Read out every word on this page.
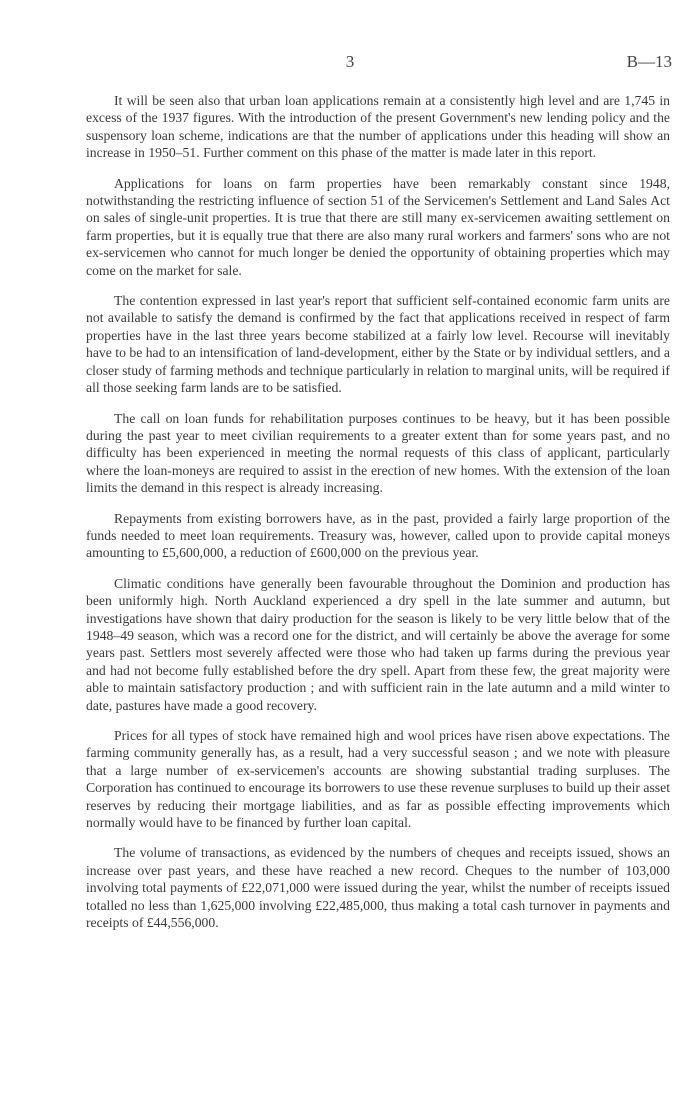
3	B—13

It will be seen also that urban loan applications remain at a consistently high level and are 1,745 in excess of the 1937 figures. With the introduction of the present Government's new lending policy and the suspensory loan scheme, indications are that the number of applications under this heading will show an increase in 1950–51. Further comment on this phase of the matter is made later in this report.

Applications for loans on farm properties have been remarkably constant since 1948, notwithstanding the restricting influence of section 51 of the Servicemen's Settlement and Land Sales Act on sales of single-unit properties. It is true that there are still many ex-servicemen awaiting settlement on farm properties, but it is equally true that there are also many rural workers and farmers' sons who are not ex-servicemen who cannot for much longer be denied the opportunity of obtaining properties which may come on the market for sale.

The contention expressed in last year's report that sufficient self-contained economic farm units are not available to satisfy the demand is confirmed by the fact that applications received in respect of farm properties have in the last three years become stabilized at a fairly low level. Recourse will inevitably have to be had to an intensification of land-development, either by the State or by individual settlers, and a closer study of farming methods and technique particularly in relation to marginal units, will be required if all those seeking farm lands are to be satisfied.

The call on loan funds for rehabilitation purposes continues to be heavy, but it has been possible during the past year to meet civilian requirements to a greater extent than for some years past, and no difficulty has been experienced in meeting the normal requests of this class of applicant, particularly where the loan-moneys are required to assist in the erection of new homes. With the extension of the loan limits the demand in this respect is already increasing.

Repayments from existing borrowers have, as in the past, provided a fairly large proportion of the funds needed to meet loan requirements. Treasury was, however, called upon to provide capital moneys amounting to £5,600,000, a reduction of £600,000 on the previous year.

Climatic conditions have generally been favourable throughout the Dominion and production has been uniformly high. North Auckland experienced a dry spell in the late summer and autumn, but investigations have shown that dairy production for the season is likely to be very little below that of the 1948–49 season, which was a record one for the district, and will certainly be above the average for some years past. Settlers most severely affected were those who had taken up farms during the previous year and had not become fully established before the dry spell. Apart from these few, the great majority were able to maintain satisfactory production ; and with sufficient rain in the late autumn and a mild winter to date, pastures have made a good recovery.

Prices for all types of stock have remained high and wool prices have risen above expectations. The farming community generally has, as a result, had a very successful season ; and we note with pleasure that a large number of ex-servicemen's accounts are showing substantial trading surpluses. The Corporation has continued to encourage its borrowers to use these revenue surpluses to build up their asset reserves by reducing their mortgage liabilities, and as far as possible effecting improvements which normally would have to be financed by further loan capital.

The volume of transactions, as evidenced by the numbers of cheques and receipts issued, shows an increase over past years, and these have reached a new record. Cheques to the number of 103,000 involving total payments of £22,071,000 were issued during the year, whilst the number of receipts issued totalled no less than 1,625,000 involving £22,485,000, thus making a total cash turnover in payments and receipts of £44,556,000.
